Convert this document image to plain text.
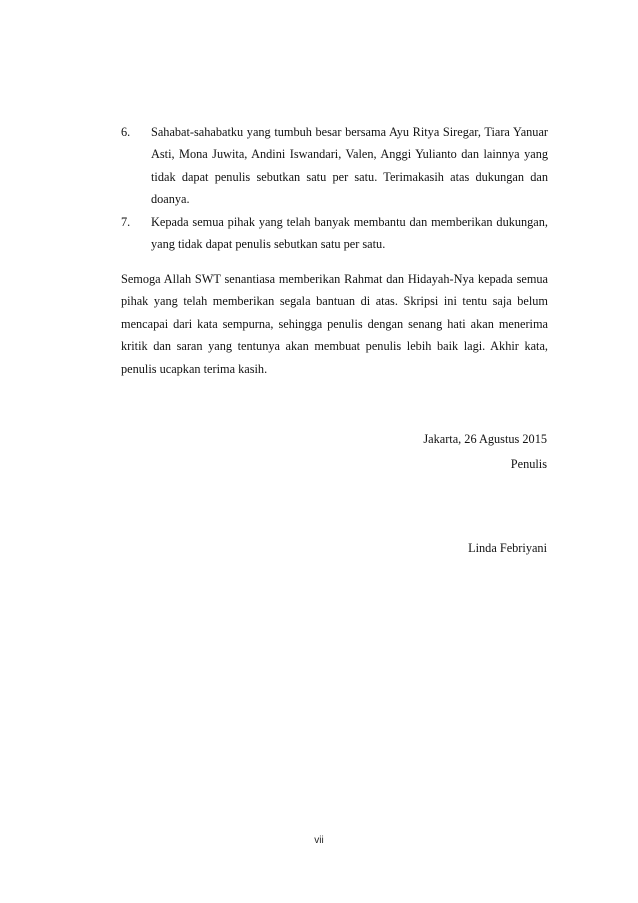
6. Sahabat-sahabatku yang tumbuh besar bersama Ayu Ritya Siregar, Tiara Yanuar Asti, Mona Juwita, Andini Iswandari, Valen, Anggi Yulianto dan lainnya yang tidak dapat penulis sebutkan satu per satu. Terimakasih atas dukungan dan doanya.
7. Kepada semua pihak yang telah banyak membantu dan memberikan dukungan, yang tidak dapat penulis sebutkan satu per satu.

Semoga Allah SWT senantiasa memberikan Rahmat dan Hidayah-Nya kepada semua pihak yang telah memberikan segala bantuan di atas. Skripsi ini tentu saja belum mencapai dari kata sempurna, sehingga penulis dengan senang hati akan menerima kritik dan saran yang tentunya akan membuat penulis lebih baik lagi. Akhir kata, penulis ucapkan terima kasih.

Jakarta, 26 Agustus 2015
Penulis
Linda Febriyani
vii
